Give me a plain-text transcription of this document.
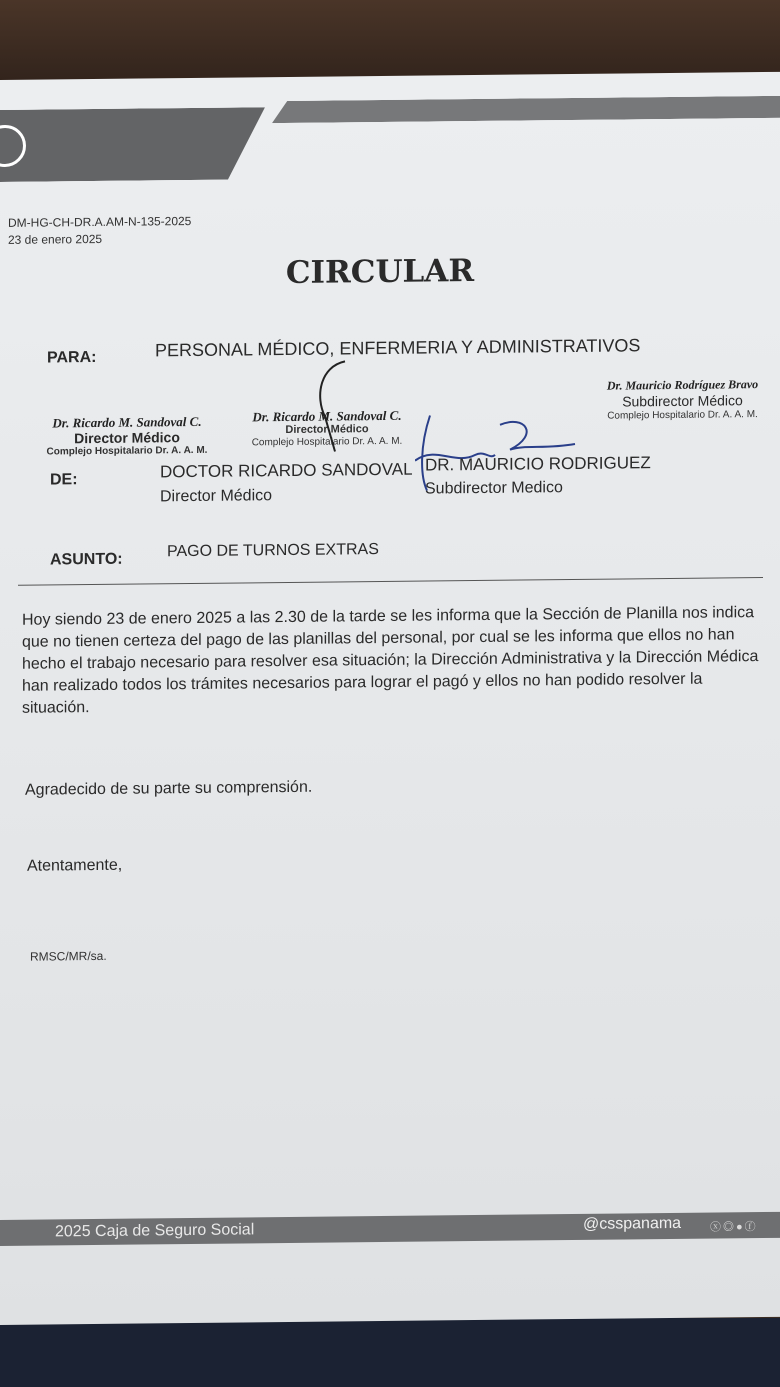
DM-HG-CH-DR.A.AM-N-135-2025
23 de enero 2025
CIRCULAR
PARA:	PERSONAL MÉDICO, ENFERMERIA Y ADMINISTRATIVOS
Dr. Ricardo M. Sandoval C.
Director Médico
Complejo Hospitalario Dr. A. A. M.
Dr. Ricardo M. Sandoval C.
Director Médico
Complejo Hospitalario Dr. A. A. M.
Dr. Mauricio Rodríguez Bravo
Subdirector Médico
Complejo Hospitalario Dr. A. A. M.
DE:	DOCTOR RICARDO SANDOVAL
Director Médico
DR. MAURICIO RODRIGUEZ
Subdirector Medico
ASUNTO:	PAGO DE TURNOS EXTRAS
Hoy siendo 23 de enero 2025 a las 2.30 de la tarde se les informa que la Sección de Planilla nos indica que no tienen certeza del pago de las planillas del personal, por cual se les informa que ellos no han hecho el trabajo necesario para resolver esa situación; la Dirección Administrativa y la Dirección Médica han realizado todos los trámites necesarios para lograr el pagó y ellos no han podido resolver la situación.
Agradecido de su parte su comprensión.
Atentamente,
RMSC/MR/sa.
2025 Caja de Seguro Social	@csspanama	ⓧ◎●ⓕ
